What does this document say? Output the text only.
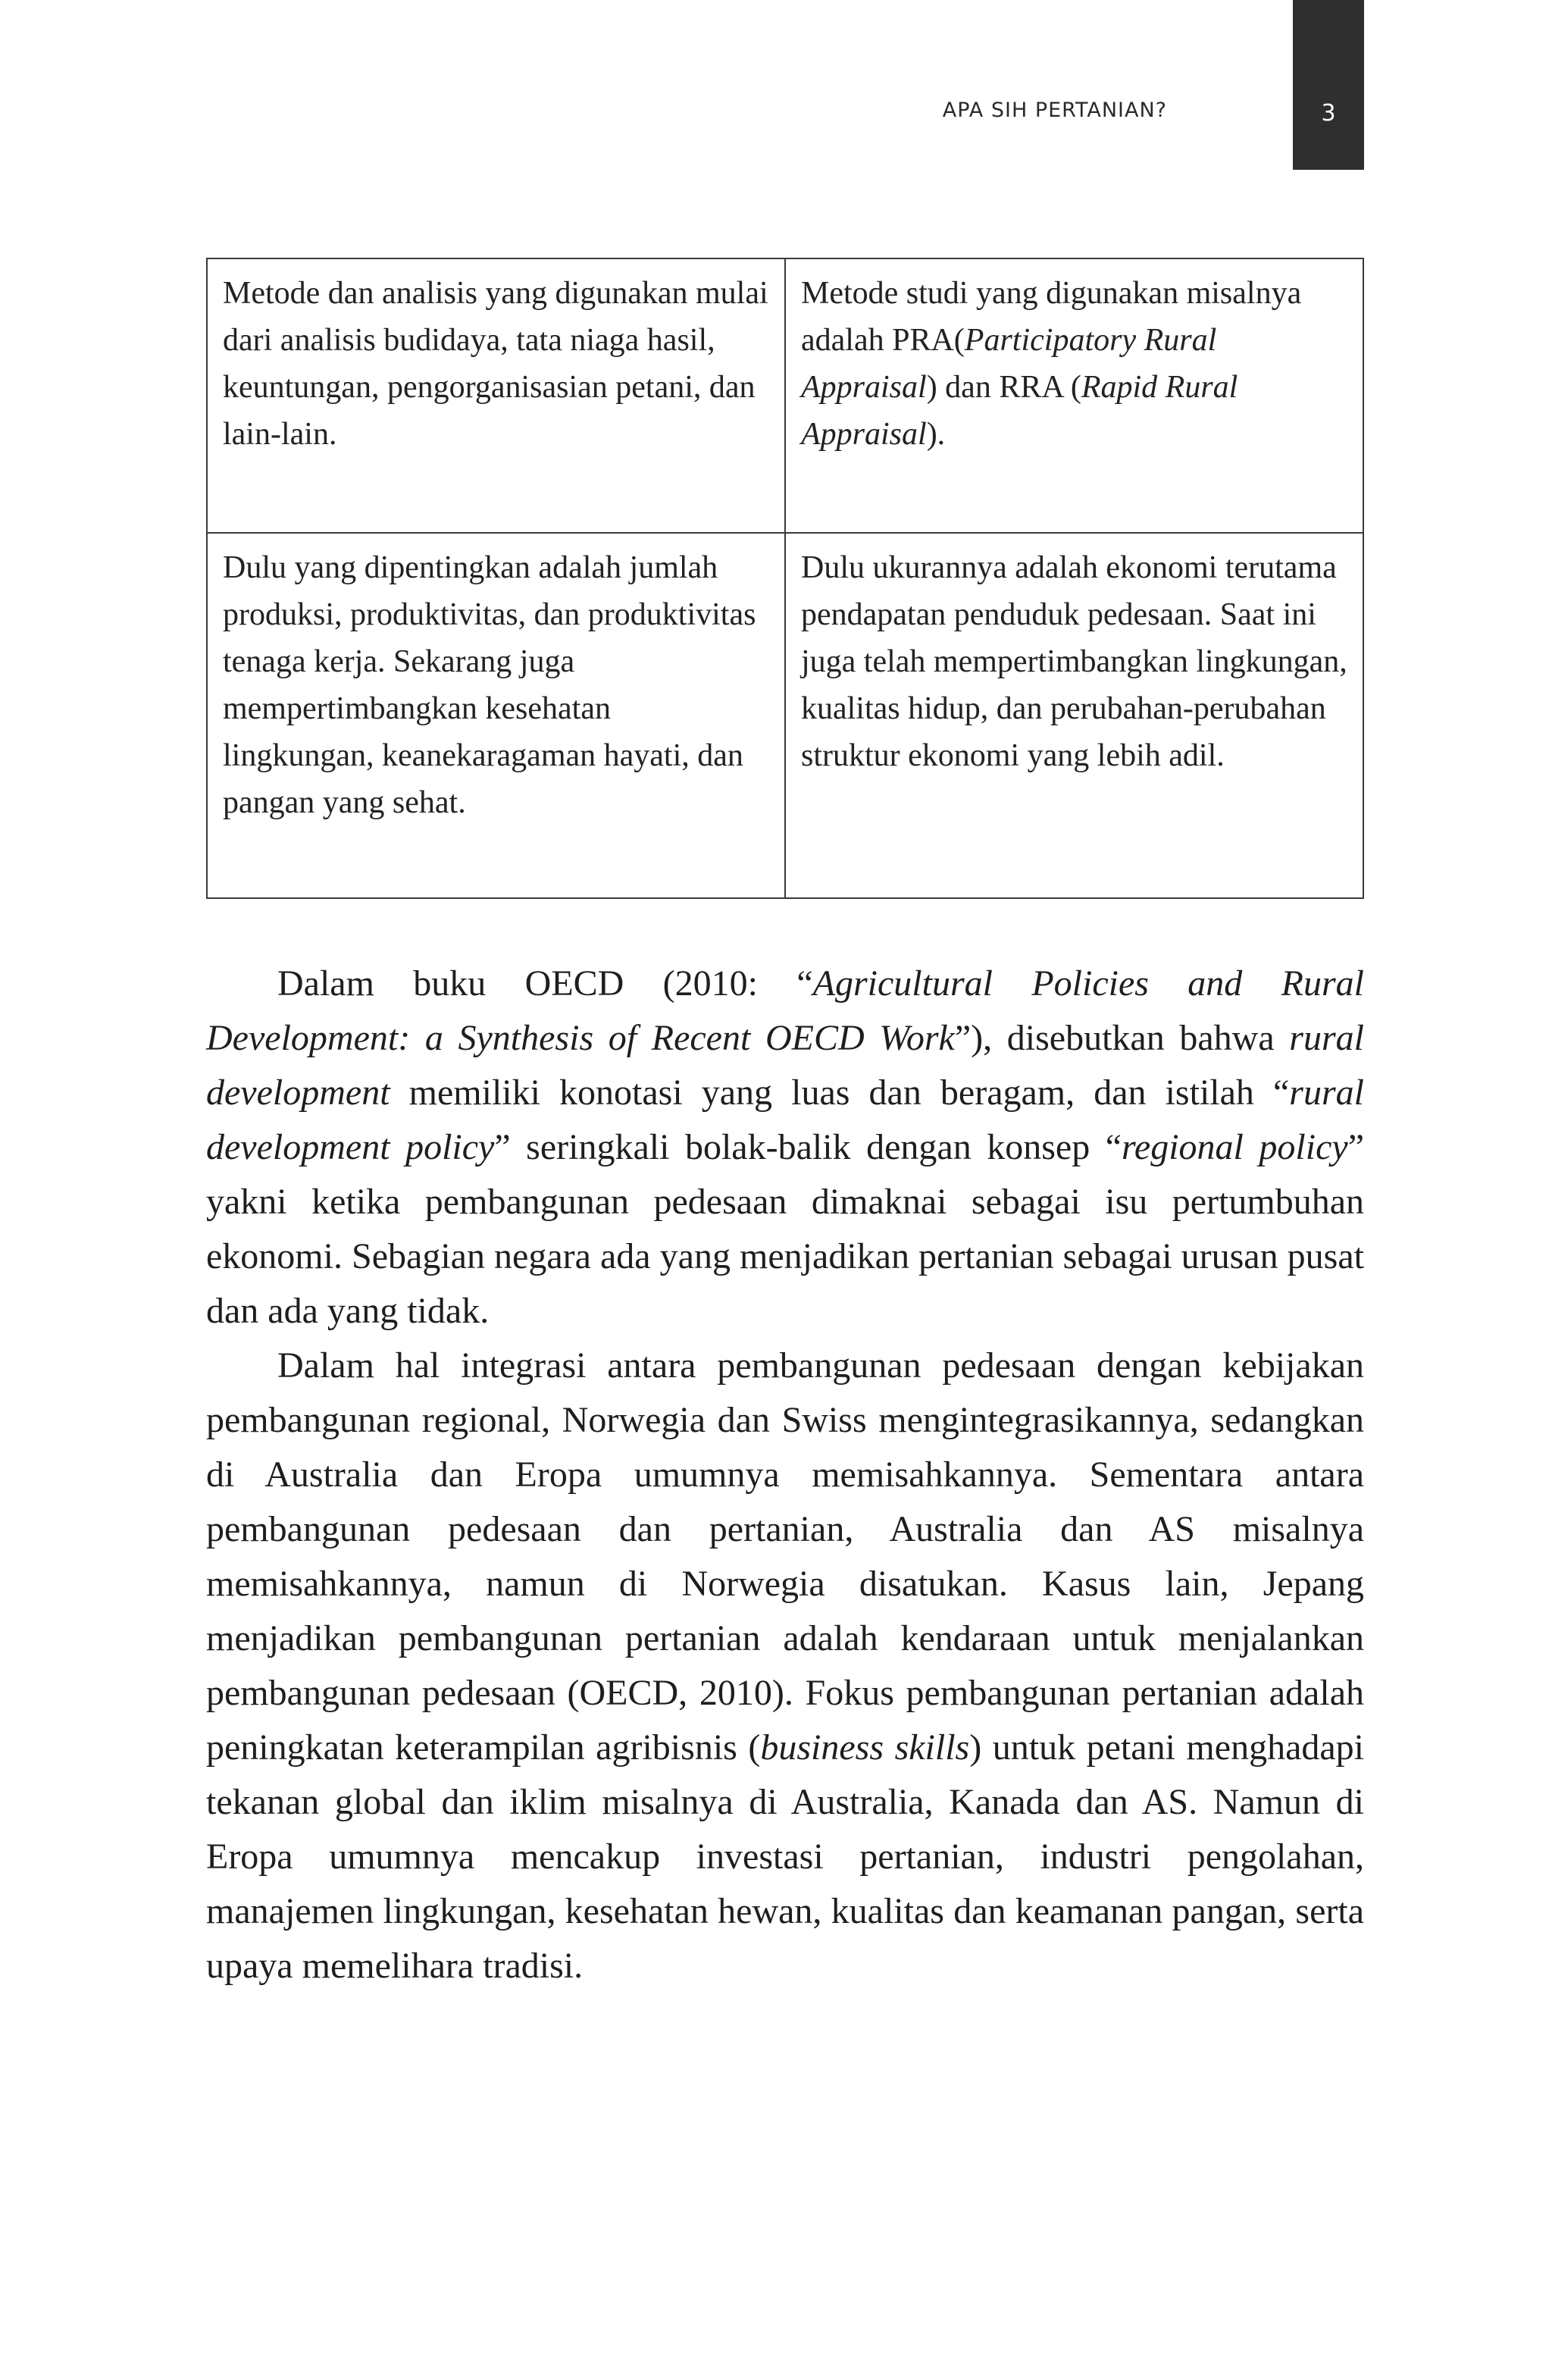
APA SIH PERTANIAN?	3
Metode dan analisis yang digunakan mulai dari analisis budidaya, tata niaga hasil, keuntungan, pengorganisasian petani, dan lain-lain.	Metode studi yang digunakan misalnya adalah PRA(Participatory Rural Appraisal) dan RRA (Rapid Rural Appraisal).
Dulu yang dipentingkan adalah jumlah produksi, produktivitas, dan produktivitas tenaga kerja. Sekarang juga mempertimbangkan kesehatan lingkungan, keanekaragaman hayati, dan pangan yang sehat.	Dulu ukurannya adalah ekonomi terutama pendapatan penduduk pedesaan. Saat ini juga telah mempertimbangkan lingkungan, kualitas hidup, dan perubahan-perubahan struktur ekonomi yang lebih adil.

Dalam buku OECD (2010: “Agricultural Policies and Rural Development: a Synthesis of Recent OECD Work”), disebutkan bahwa rural development memiliki konotasi yang luas dan beragam, dan istilah “rural development policy” seringkali bolak-balik dengan konsep “regional policy” yakni ketika pembangunan pedesaan dimaknai sebagai isu pertumbuhan ekonomi. Sebagian negara ada yang menjadikan pertanian sebagai urusan pusat dan ada yang tidak.

Dalam hal integrasi antara pembangunan pedesaan dengan kebijakan pembangunan regional, Norwegia dan Swiss mengintegrasikannya, sedangkan di Australia dan Eropa umumnya memisahkannya. Sementara antara pembangunan pedesaan dan pertanian, Australia dan AS misalnya memisahkannya, namun di Norwegia disatukan. Kasus lain, Jepang menjadikan pembangunan pertanian adalah kendaraan untuk menjalankan pembangunan pedesaan (OECD, 2010). Fokus pembangunan pertanian adalah peningkatan keterampilan agribisnis (business skills) untuk petani menghadapi tekanan global dan iklim misalnya di Australia, Kanada dan AS. Namun di Eropa umumnya mencakup investasi pertanian, industri pengolahan, manajemen lingkungan, kesehatan hewan, kualitas dan keamanan pangan, serta upaya memelihara tradisi.
